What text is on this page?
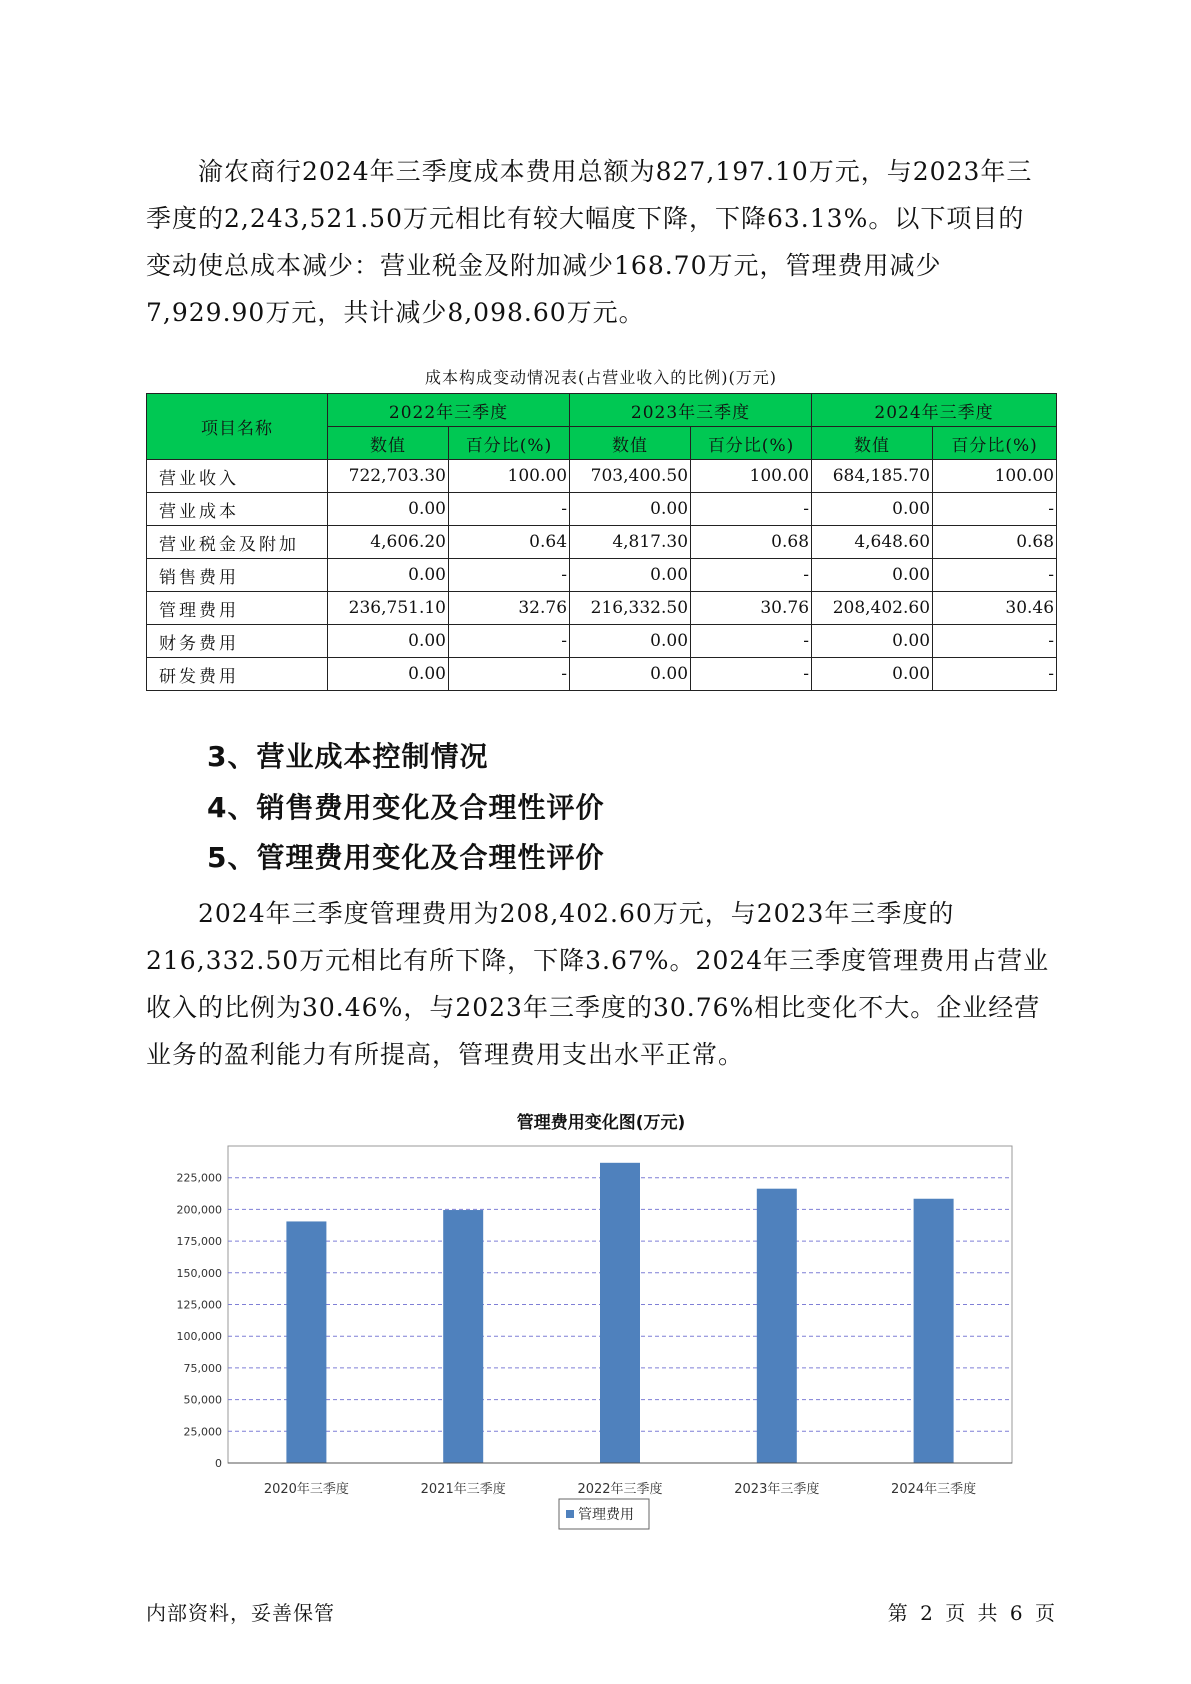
渝农商行2024年三季度成本费用总额为827,197.10万元，与2023年三
季度的2,243,521.50万元相比有较大幅度下降，下降63.13%。以下项目的
变动使总成本减少：营业税金及附加减少168.70万元，管理费用减少
7,929.90万元，共计减少8,098.60万元。

成本构成变动情况表(占营业收入的比例)(万元)
项目名称	2022年三季度		2023年三季度		2024年三季度	
	数值	百分比(%)	数值	百分比(%)	数值	百分比(%)
营业收入	722,703.30	100.00	703,400.50	100.00	684,185.70	100.00
营业成本	0.00	-	0.00	-	0.00	-
营业税金及附加	4,606.20	0.64	4,817.30	0.68	4,648.60	0.68
销售费用	0.00	-	0.00	-	0.00	-
管理费用	236,751.10	32.76	216,332.50	30.76	208,402.60	30.46
财务费用	0.00	-	0.00	-	0.00	-
研发费用	0.00	-	0.00	-	0.00	-
3、营业成本控制情况
4、销售费用变化及合理性评价
5、管理费用变化及合理性评价

2024年三季度管理费用为208,402.60万元，与2023年三季度的
216,332.50万元相比有所下降，下降3.67%。2024年三季度管理费用占营业
收入的比例为30.46%，与2023年三季度的30.76%相比变化不大。企业经营
业务的盈利能力有所提高，管理费用支出水平正常。

管理费用变化图(万元)
0
25,000
50,000
75,000
100,000
125,000
150,000
175,000
200,000
225,000
2020年三季度	2021年三季度	2022年三季度	2023年三季度	2024年三季度
管理费用
内部资料，妥善保管	第 2 页 共 6 页
